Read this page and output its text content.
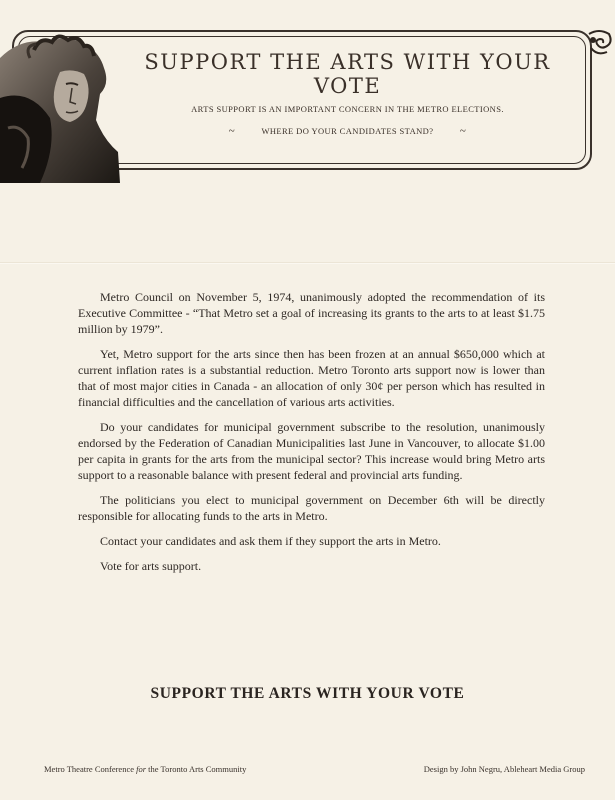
SUPPORT THE ARTS WITH YOUR VOTE
ARTS SUPPORT IS AN IMPORTANT CONCERN IN THE METRO ELECTIONS.
~	WHERE DO YOUR CANDIDATES STAND? ~

Metro Council on November 5, 1974, unanimously adopted the recommendation of its Executive Committee - “That Metro set a goal of increasing its grants to the arts to at least $1.75 million by 1979”.

Yet, Metro support for the arts since then has been frozen at an annual $650,000 which at current inflation rates is a substantial reduction. Metro Toronto arts support now is lower than that of most major cities in Canada - an allocation of only 30¢ per person which has resulted in financial difficulties and the cancellation of various arts activities.

Do your candidates for municipal government subscribe to the resolution, unanimously endorsed by the Federation of Canadian Municipalities last June in Vancouver, to allocate $1.00 per capita in grants for the arts from the municipal sector? This increase would bring Metro arts support to a reasonable balance with present federal and provincial arts funding.

The politicians you elect to municipal government on December 6th will be directly responsible for allocating funds to the arts in Metro.

Contact your candidates and ask them if they support the arts in Metro.

Vote for arts support.

SUPPORT THE ARTS WITH YOUR VOTE
Metro Theatre Conference for the Toronto Arts Community	Design by John Negru, Ableheart Media Group
